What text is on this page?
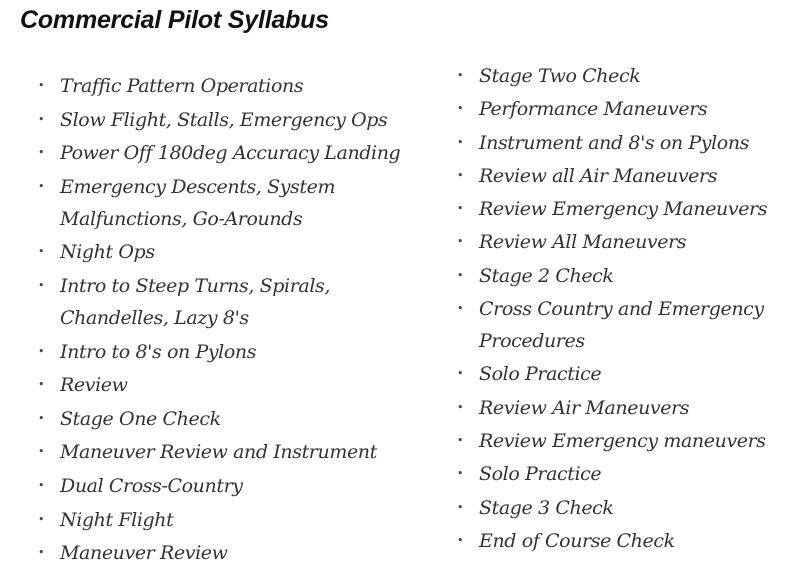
Commercial Pilot Syllabus
• Traffic Pattern Operations
• Slow Flight, Stalls, Emergency Ops
• Power Off 180deg Accuracy Landing
• Emergency Descents, System
Malfunctions, Go-Arounds
• Night Ops
• Intro to Steep Turns, Spirals,
Chandelles, Lazy 8's
• Intro to 8's on Pylons
• Review
• Stage One Check
• Maneuver Review and Instrument
• Dual Cross-Country
• Night Flight
• Maneuver Review
• Stage Two Check
• Performance Maneuvers
• Instrument and 8's on Pylons
• Review all Air Maneuvers
• Review Emergency Maneuvers
• Review All Maneuvers
• Stage 2 Check
• Cross Country and Emergency
Procedures
• Solo Practice
• Review Air Maneuvers
• Review Emergency maneuvers
• Solo Practice
• Stage 3 Check
• End of Course Check
